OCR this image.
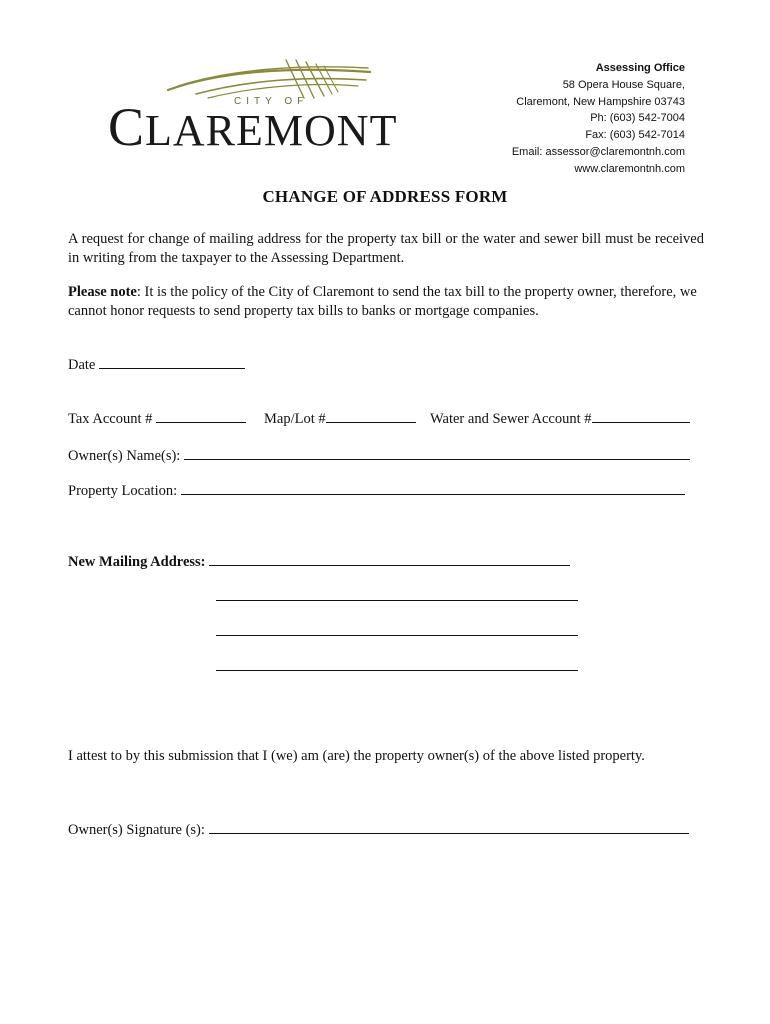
CITY OF
CLAREMONT
Assessing Office
58 Opera House Square,
Claremont, New Hampshire 03743
Ph: (603) 542-7004
Fax: (603) 542-7014
Email: assessor@claremontnh.com
www.claremontnh.com
CHANGE OF ADDRESS FORM
A request for change of mailing address for the property tax bill or the water and sewer bill must be received in writing from the taxpayer to the Assessing Department.
Please note: It is the policy of the City of Claremont to send the tax bill to the property owner, therefore, we cannot honor requests to send property tax bills to banks or mortgage companies.
Date
Tax Account #	Map/Lot #	Water and Sewer Account #
Owner(s) Name(s):
Property Location:
New Mailing Address:
I attest to by this submission that I (we) am (are) the property owner(s) of the above listed property.
Owner(s) Signature (s):
